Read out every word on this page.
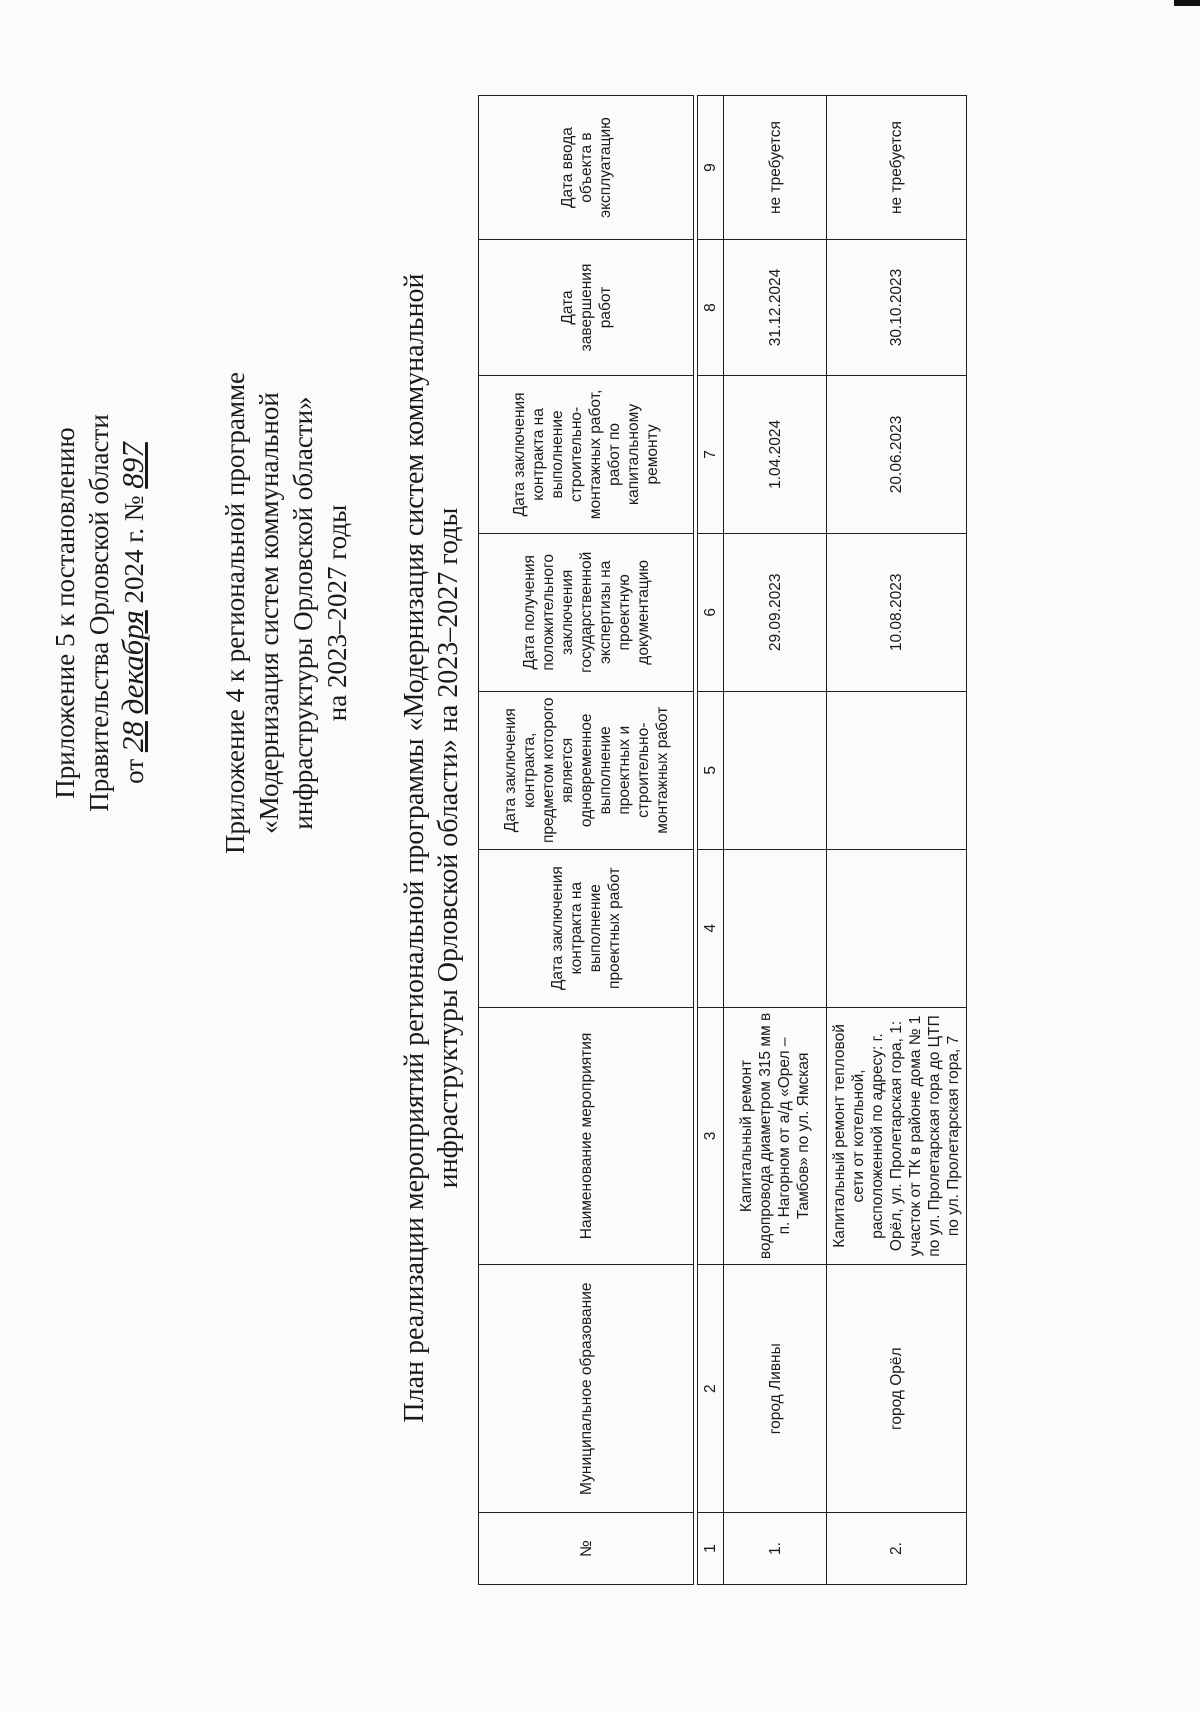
Приложение 5 к постановлению Правительства Орловской области от 28 декабря 2024 г. № 897	Приложение 4 к региональной программе «Модернизация систем коммунальной инфраструктуры Орловской области» на 2023–2027 годы План реализации мероприятий региональной программы «Модернизация систем коммунальной инфраструктуры Орловской области» на 2023–2027 годы
№	Муниципальное образование	Наименование мероприятия	Дата заключения контракта на выполнение проектных работ	Дата заключения контракта, предметом которого является одновременное выполнение проектных и строительно-монтажных работ	Дата получения положительного заключения государственной экспертизы на проектную документацию	Дата заключения контракта на выполнение строительно-монтажных работ, работ по капитальному ремонту	Дата завершения работ	Дата ввода объекта в эксплуатацию

1	2	3	4	5	6	7	8	9
1.	город Ливны	Капитальный ремонт водопровода диаметром 315 мм в п. Нагорном от а/д «Орел – Тамбов» по ул. Ямская			29.09.2023	1.04.2024	31.12.2024	не требуется
2.	город Орёл	Капитальный ремонт тепловой сети от котельной, расположенной по адресу: г. Орёл, ул. Пролетарская гора, 1: участок от ТК в районе дома № 1 по ул. Пролетарская гора до ЦТП по ул. Пролетарская гора, 7			10.08.2023	20.06.2023	30.10.2023	не требуется
